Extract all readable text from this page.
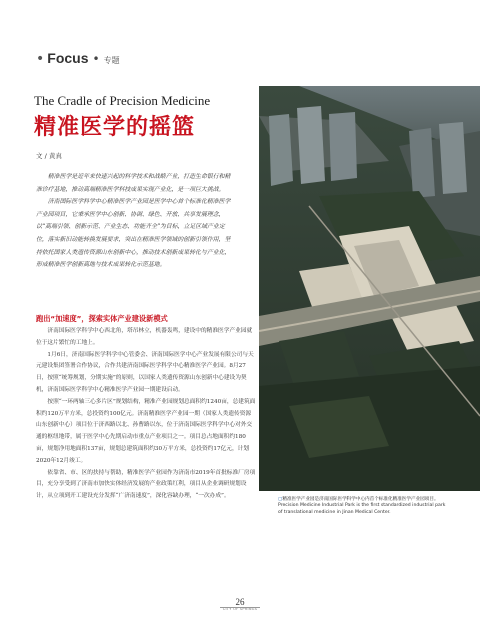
• Focus • 专题
The Cradle of Precision Medicine
精准医学的摇篮
文 / 黄真

精准医学是近年来快速兴起的科学技术和战略产业，打造生命银行和精准诊疗基地，推动高端精准医学科技成果实现产业化，是一项巨大挑战。

济南国际医学科学中心精准医学产业园是医学中心首个标准化精准医学产业园项目，它秉承医学中心创新、协调、绿色、开放、共享发展理念，以“高端引领、创新示范、产业生态、功能齐全”为目标，立足区域产业定位，落实新旧动能转换发展要求，突出在精准医学领域的创新引领作用，坚持依托国家人类遗传资源山东创新中心，推动技术创新成果转化与产业化，形成精准医学创新高地与技术成果转化示范基地。

跑出“加速度”，探索实体产业建设新模式

济南国际医学科学中心西北角，塔吊林立，机器轰鸣，建设中的精准医学产业园就位于这片繁忙的工地上。

1月6日，济南国际医学科学中心管委会、济南国际医学中心产业发展有限公司与天元建设集团签署合作协议，合作共建济南国际医学科学中心精准医学产业园。8月27日，按照“统筹规划，分期实施”的原则，以国家人类遗传资源山东创新中心建设为契机，济南国际医学科学中心精准医学产业园一期建设启动。

按照“一环两轴三心多片区”规划结构，精准产业园规划总面积约1240亩，总建筑面积约120万平方米，总投资约100亿元。济南精准医学产业园一期（国家人类遗传资源山东创新中心）项目位于济西路以北、孙曹路以东，位于济南国际医学科学中心对外交通的枢纽地带，属于医学中心先期启动市重点产业项目之一。项目总占地面积约180亩，规划净用地面积137亩，规划总建筑面积约30万平方米，总投资约17亿元，计划2020年12月竣工。

依靠省、市、区的扶持与帮助，精准医学产业园作为济南市2019年首批标准厂房项目，充分享受到了济南市加快实体经济发展的产业政策红利，项目从企业调研规划设计，从立项到开工建设充分发挥“广济南速度”，深化容缺办理，“一次办成”。

▢精准医学产业园是济南国际医学科学中心内首个标准化精准医学产业园项目。
Precision Medicine Industrial Park is the first standardized industrial park of translational medicine in Jinan Medical Center.
26
CITY OF SPRINGS
